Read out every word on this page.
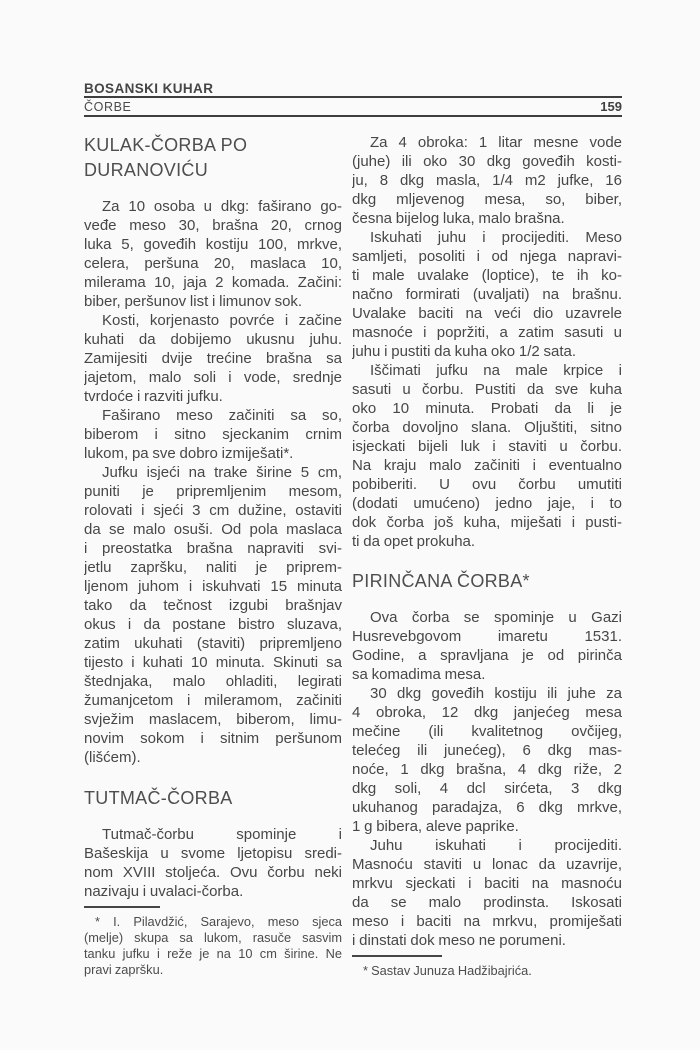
BOSANSKI KUHAR
ČORBE	159
KULAK-ČORBA PO
DURANOVIĆU
Za 10 osoba u dkg: faširano go-
veđe meso 30, brašna 20, crnog
luka 5, goveđih kostiju 100, mrkve,
celera, peršuna 20, maslaca 10,
milerama 10, jaja 2 komada. Začini:
biber, peršunov list i limunov sok.
Kosti, korjenasto povrće i začine
kuhati da dobijemo ukusnu juhu.
Zamijesiti dvije trećine brašna sa
jajetom, malo soli i vode, srednje
tvrdoće i razviti jufku.
Faširano meso začiniti sa so,
biberom i sitno sjeckanim crnim
lukom, pa sve dobro izmiješati*.
Jufku isjeći na trake širine 5 cm,
puniti je pripremljenim mesom,
rolovati i sjeći 3 cm dužine, ostaviti
da se malo osuši. Od pola maslaca
i preostatka brašna napraviti svi-
jetlu zapršku, naliti je priprem-
ljenom juhom i iskuhvati 15 minuta
tako da tečnost izgubi brašnjav
okus i da postane bistro sluzava,
zatim ukuhati (staviti) pripremljeno
tijesto i kuhati 10 minuta. Skinuti sa
štednjaka, malo ohladiti, legirati
žumanjcetom i mileramom, začiniti
svježim maslacem, biberom, limu-
novim sokom i sitnim peršunom
(lišćem).
TUTMAČ-ČORBA
Tutmač-čorbu spominje i
Bašeskija u svome ljetopisu sredi-
nom XVIII stoljeća. Ovu čorbu neki
nazivaju i uvalaci-čorba.
* I. Pilavdžić, Sarajevo, meso sjeca
(melje) skupa sa lukom, rasuče sasvim
tanku jufku i reže je na 10 cm širine. Ne
pravi zapršku.
Za 4 obroka: 1 litar mesne vode
(juhe) ili oko 30 dkg goveđih kosti-
ju, 8 dkg masla, 1/4 m2 jufke, 16
dkg mljevenog mesa, so, biber,
česna bijelog luka, malo brašna.
Iskuhati juhu i procijediti. Meso
samljeti, posoliti i od njega napravi-
ti male uvalake (loptice), te ih ko-
načno formirati (uvaljati) na brašnu.
Uvalake baciti na veći dio uzavrele
masnoće i popržiti, a zatim sasuti u
juhu i pustiti da kuha oko 1/2 sata.
Iščimati jufku na male krpice i
sasuti u čorbu. Pustiti da sve kuha
oko 10 minuta. Probati da li je
čorba dovoljno slana. Oljuštiti, sitno
isjeckati bijeli luk i staviti u čorbu.
Na kraju malo začiniti i eventualno
pobiberiti. U ovu čorbu umutiti
(dodati umućeno) jedno jaje, i to
dok čorba još kuha, miješati i pusti-
ti da opet prokuha.
PIRINČANA ČORBA*
Ova čorba se spominje u Gazi
Husrevebgovom imaretu 1531.
Godine, a spravljana je od pirinča
sa komadima mesa.
30 dkg goveđih kostiju ili juhe za
4 obroka, 12 dkg janjećeg mesa
mečine (ili kvalitetnog ovčijeg,
telećeg ili junećeg), 6 dkg mas-
noće, 1 dkg brašna, 4 dkg riže, 2
dkg soli, 4 dcl sirćeta, 3 dkg
ukuhanog paradajza, 6 dkg mrkve,
1 g bibera, aleve paprike.
Juhu iskuhati i procijediti.
Masnoću staviti u lonac da uzavrije,
mrkvu sjeckati i baciti na masnoću
da se malo prodinsta. Iskosati
meso i baciti na mrkvu, promiješati
i dinstati dok meso ne porumeni.
* Sastav Junuza Hadžibajrića.
